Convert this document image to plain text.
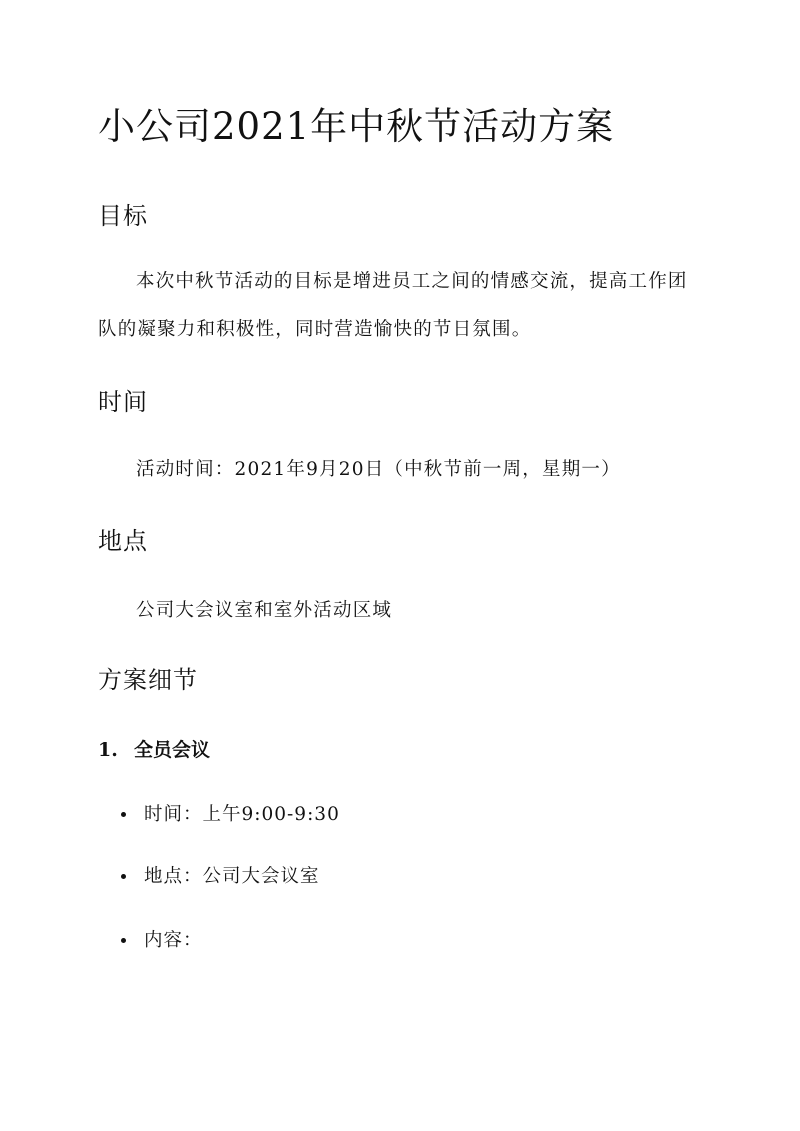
小公司2021年中秋节活动方案
目标

本次中秋节活动的目标是增进员工之间的情感交流，提高工作团队的凝聚力和积极性，同时营造愉快的节日氛围。

时间

活动时间：2021年9月20日（中秋节前一周，星期一）

地点

公司大会议室和室外活动区域

方案细节
1. 全员会议
时间：上午9:00-9:30
地点：公司大会议室
内容：
